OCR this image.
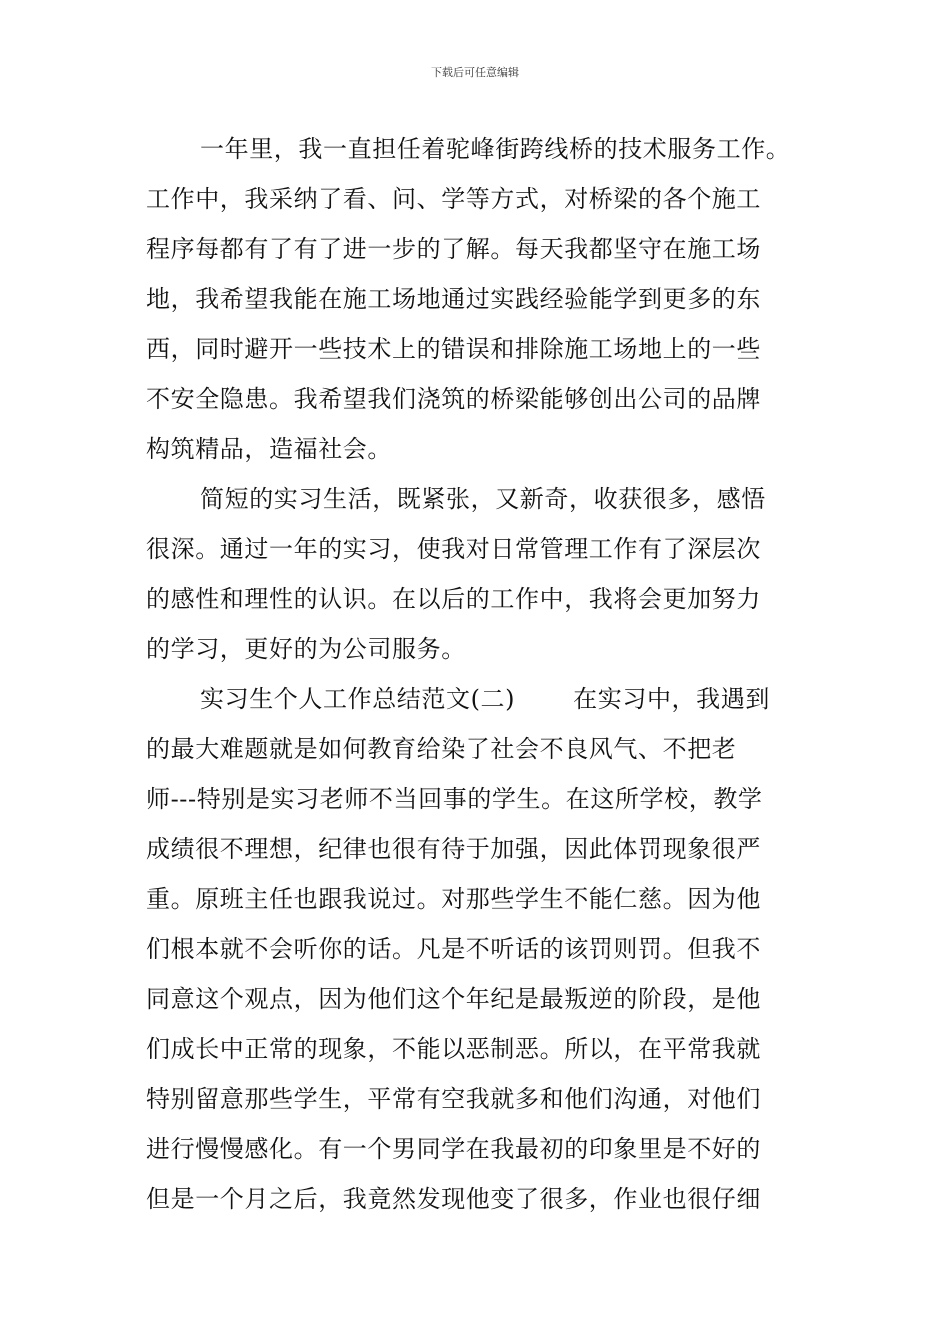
下载后可任意编辑
一年里，我一直担任着驼峰街跨线桥的技术服务工作。
工作中，我采纳了看、问、学等方式，对桥梁的各个施工
程序每都有了有了进一步的了解。每天我都坚守在施工场
地，我希望我能在施工场地通过实践经验能学到更多的东
西，同时避开一些技术上的错误和排除施工场地上的一些
不安全隐患。我希望我们浇筑的桥梁能够创出公司的品牌
构筑精品，造福社会。
简短的实习生活，既紧张，又新奇，收获很多，感悟
很深。通过一年的实习，使我对日常管理工作有了深层次
的感性和理性的认识。在以后的工作中，我将会更加努力
的学习，更好的为公司服务。
实习生个人工作总结范文(二) 在实习中，我遇到
的最大难题就是如何教育给染了社会不良风气、不把老
师---特别是实习老师不当回事的学生。在这所学校，教学
成绩很不理想，纪律也很有待于加强，因此体罚现象很严
重。原班主任也跟我说过。对那些学生不能仁慈。因为他
们根本就不会听你的话。凡是不听话的该罚则罚。但我不
同意这个观点，因为他们这个年纪是最叛逆的阶段，是他
们成长中正常的现象，不能以恶制恶。所以，在平常我就
特别留意那些学生，平常有空我就多和他们沟通，对他们
进行慢慢感化。有一个男同学在我最初的印象里是不好的
但是一个月之后，我竟然发现他变了很多，作业也很仔细
